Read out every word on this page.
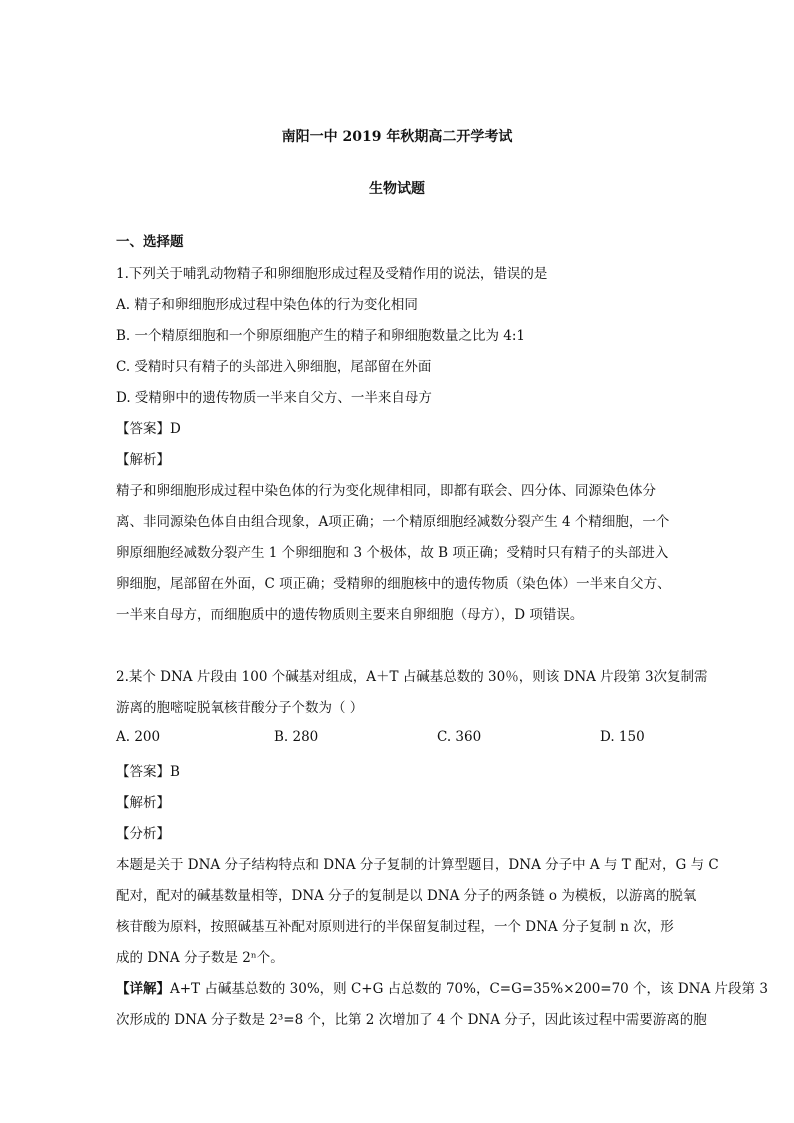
南阳一中 2019 年秋期高二开学考试
生物试题
一、选择题
1.下列关于哺乳动物精子和卵细胞形成过程及受精作用的说法，错误的是
A. 精子和卵细胞形成过程中染色体的行为变化相同
B. 一个精原细胞和一个卵原细胞产生的精子和卵细胞数量之比为 4:1
C. 受精时只有精子的头部进入卵细胞，尾部留在外面
D. 受精卵中的遗传物质一半来自父方、一半来自母方
【答案】D
【解析】
精子和卵细胞形成过程中染色体的行为变化规律相同，即都有联会、四分体、同源染色体分
离、非同源染色体自由组合现象，A项正确；一个精原细胞经减数分裂产生 4 个精细胞，一个
卵原细胞经减数分裂产生 1 个卵细胞和 3 个极体，故 B 项正确；受精时只有精子的头部进入
卵细胞，尾部留在外面，C 项正确；受精卵的细胞核中的遗传物质（染色体）一半来自父方、
一半来自母方，而细胞质中的遗传物质则主要来自卵细胞（母方），D 项错误。
2.某个 DNA 片段由 100 个碱基对组成，A＋T 占碱基总数的 30％，则该 DNA 片段第 3次复制需
游离的胞嘧啶脱氧核苷酸分子个数为（ ）
A. 200	B. 280	C. 360	D. 150
【答案】B
【解析】
【分析】
本题是关于 DNA 分子结构特点和 DNA 分子复制的计算型题目，DNA 分子中 A 与 T 配对，G 与 C
配对，配对的碱基数量相等，DNA 分子的复制是以 DNA 分子的两条链 o 为模板，以游离的脱氧
核苷酸为原料，按照碱基互补配对原则进行的半保留复制过程，一个 DNA 分子复制 n 次，形
成的 DNA 分子数是 2ⁿ个。
【详解】A+T 占碱基总数的 30%，则 C+G 占总数的 70%，C=G=35%×200=70 个，该 DNA 片段第 3
次形成的 DNA 分子数是 2³=8 个，比第 2 次增加了 4 个 DNA 分子，因此该过程中需要游离的胞
